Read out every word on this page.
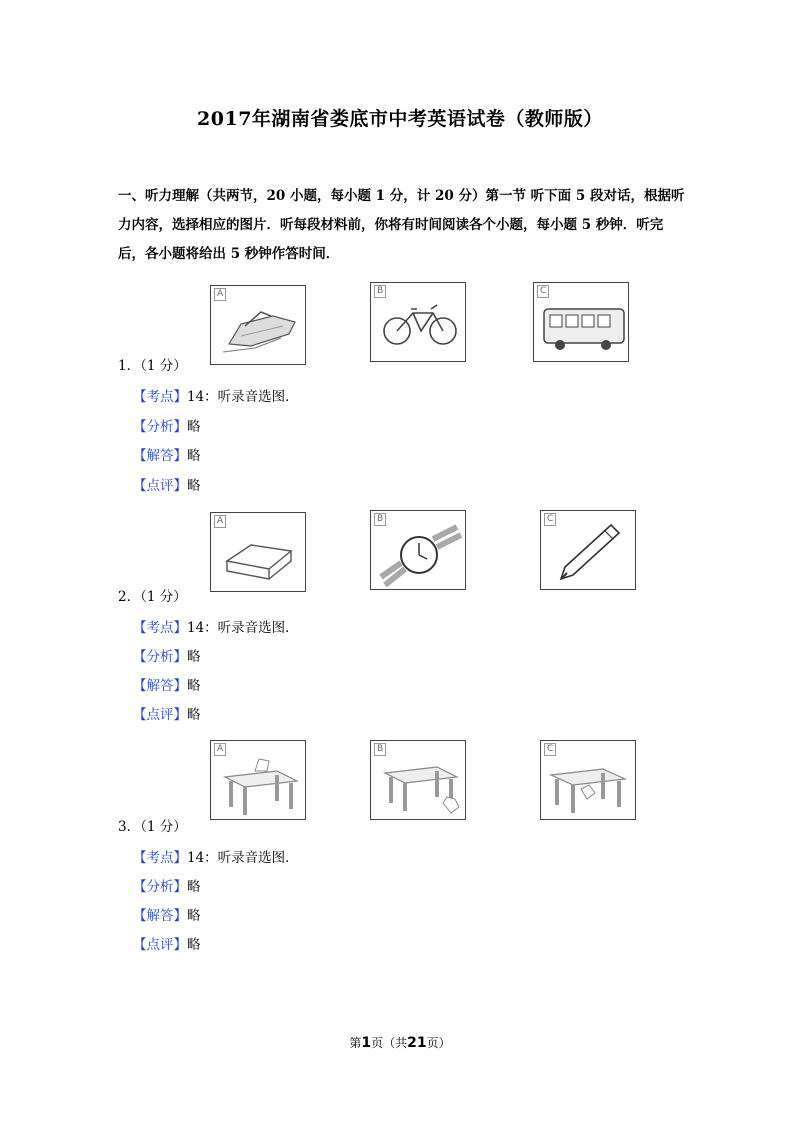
2017年湖南省娄底市中考英语试卷（教师版）
一、听力理解（共两节，20 小题，每小题 1 分，计 20 分）第一节 听下面 5 段对话，根据听力内容，选择相应的图片．听每段材料前，你将有时间阅读各个小题，每小题 5 秒钟．听完后，各小题将给出 5 秒钟作答时间．
A	B	C
1．（1 分）
【考点】14：听录音选图．
【分析】略
【解答】略
【点评】略
A	B	C
2．（1 分）
【考点】14：听录音选图．
【分析】略
【解答】略
【点评】略
A	B	C
3．（1 分）
【考点】14：听录音选图．
【分析】略
【解答】略
【点评】略
第1页（共21页）
